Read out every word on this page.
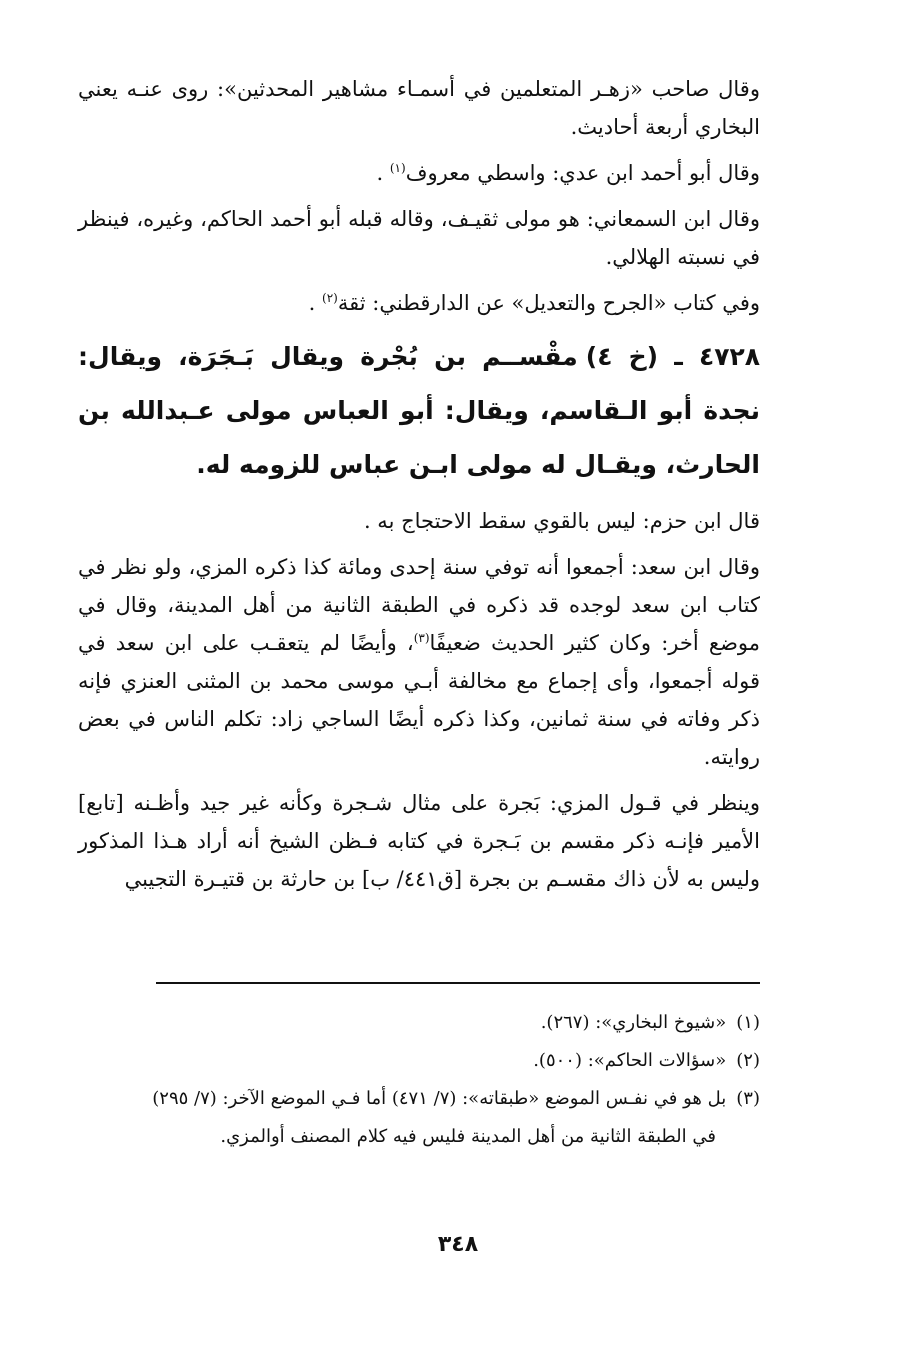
وقال صاحب «زهـر المتعلمين في أسمـاء مشاهير المحدثين»: روى عنـه يعني البخاري أربعة أحاديث.

وقال أبو أحمد ابن عدي: واسطي معروف$^{(١)}$ .

وقال ابن السمعاني: هو مولى ثقيـف، وقاله قبله أبو أحمد الحاكم، وغيره، فينظر في نسبته الهلالي.

وفي كتاب «الجرح والتعديل» عن الدارقطني: ثقة$^{(٢)}$ .

٤٧٢٨ ـ (خ ٤)مقْســم بن بُجْرة ويقال بَـجَرَة، ويقال: نجدة أبو الـقاسم، ويقال: أبو العباس مولى عـبدالله بن الحارث، ويقـال له مولى ابـن عباس للزومه له.

قال ابن حزم: ليس بالقوي سقط الاحتجاج به .

وقال ابن سعد: أجمعوا أنه توفي سنة إحدى ومائة كذا ذكره المزي، ولو نظر في كتاب ابن سعد لوجده قد ذكره في الطبقة الثانية من أهل المدينة، وقال في موضع أخر: وكان كثير الحديث ضعيفًا$^{(٣)}$، وأيضًا لم يتعقـب على ابن سعد في قوله أجمعوا، وأى إجماع مع مخالفة أبـي موسى محمد بن المثنى العنزي فإنه ذكر وفاته في سنة ثمانين، وكذا ذكره أيضًا الساجي زاد: تكلم الناس في بعض روايته.

وينظر في قـول المزي: بَجرة على مثال شـجرة وكأنه غير جيد وأظـنه [تابع] الأمير فإنـه ذكر مقسم بن بَـجرة في كتابه فـظن الشيخ أنه أراد هـذا المذكور وليس به لأن ذاك مقسـم بن بجرة [ق٤٤١/ ب] بن حارثة بن قتيـرة التجيبي

(١)«شيوخ البخاري»: (٢٦٧).

(٢)«سؤالات الحاكم»: (٥٠٠).

(٣)بل هو في نفـس الموضع «طبقاته»: (٧/ ٤٧١) أما فـي الموضع الآخر: (٧/ ٢٩٥)

في الطبقة الثانية من أهل المدينة فليس فيه كلام المصنف أوالمزي.

٣٤٨
